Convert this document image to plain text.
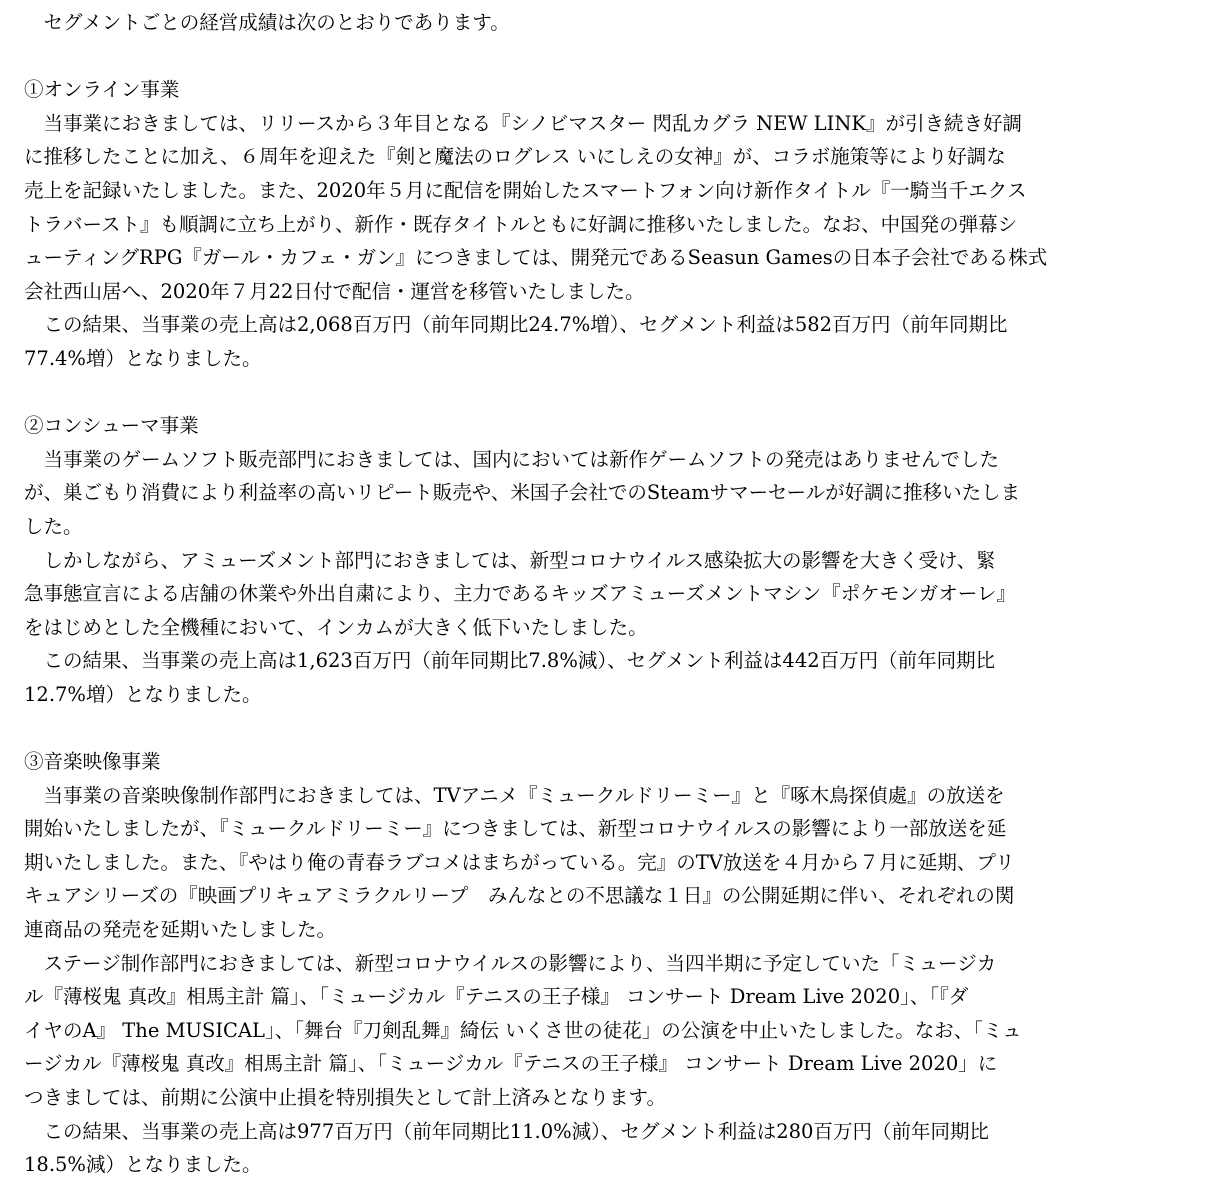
　セグメントごとの経営成績は次のとおりであります。

①オンライン事業

　当事業におきましては、リリースから３年目となる『シノビマスター 閃乱カグラ NEW LINK』が引き続き好調

に推移したことに加え、６周年を迎えた『剣と魔法のログレス いにしえの女神』が、コラボ施策等により好調な

売上を記録いたしました。また、2020年５月に配信を開始したスマートフォン向け新作タイトル『一騎当千エクス

トラバースト』も順調に立ち上がり、新作・既存タイトルともに好調に推移いたしました。なお、中国発の弾幕シ

ューティングRPG『ガール・カフェ・ガン』につきましては、開発元であるSeasun Gamesの日本子会社である株式

会社西山居へ、2020年７月22日付で配信・運営を移管いたしました。

　この結果、当事業の売上高は2,068百万円（前年同期比24.7%増）、セグメント利益は582百万円（前年同期比

77.4%増）となりました。

②コンシューマ事業

　当事業のゲームソフト販売部門におきましては、国内においては新作ゲームソフトの発売はありませんでした

が、巣ごもり消費により利益率の高いリピート販売や、米国子会社でのSteamサマーセールが好調に推移いたしま

した。

　しかしながら、アミューズメント部門におきましては、新型コロナウイルス感染拡大の影響を大きく受け、緊

急事態宣言による店舗の休業や外出自粛により、主力であるキッズアミューズメントマシン『ポケモンガオーレ』

をはじめとした全機種において、インカムが大きく低下いたしました。

　この結果、当事業の売上高は1,623百万円（前年同期比7.8%減）、セグメント利益は442百万円（前年同期比

12.7%増）となりました。

③音楽映像事業

　当事業の音楽映像制作部門におきましては、TVアニメ『ミュークルドリーミー』と『啄木鳥探偵處』の放送を

開始いたしましたが、『ミュークルドリーミー』につきましては、新型コロナウイルスの影響により一部放送を延

期いたしました。また、『やはり俺の青春ラブコメはまちがっている。完』のTV放送を４月から７月に延期、プリ

キュアシリーズの『映画プリキュアミラクルリープ　みんなとの不思議な１日』の公開延期に伴い、それぞれの関

連商品の発売を延期いたしました。

　ステージ制作部門におきましては、新型コロナウイルスの影響により、当四半期に予定していた「ミュージカ

ル『薄桜鬼 真改』相馬主計 篇」、「ミュージカル『テニスの王子様』 コンサート Dream Live 2020」、「『ダ

イヤのA』 The MUSICAL」、「舞台『刀剣乱舞』綺伝 いくさ世の徒花」の公演を中止いたしました。なお、「ミュ

ージカル『薄桜鬼 真改』相馬主計 篇」、「ミュージカル『テニスの王子様』 コンサート Dream Live 2020」に

つきましては、前期に公演中止損を特別損失として計上済みとなります。

　この結果、当事業の売上高は977百万円（前年同期比11.0%減）、セグメント利益は280百万円（前年同期比

18.5%減）となりました。
